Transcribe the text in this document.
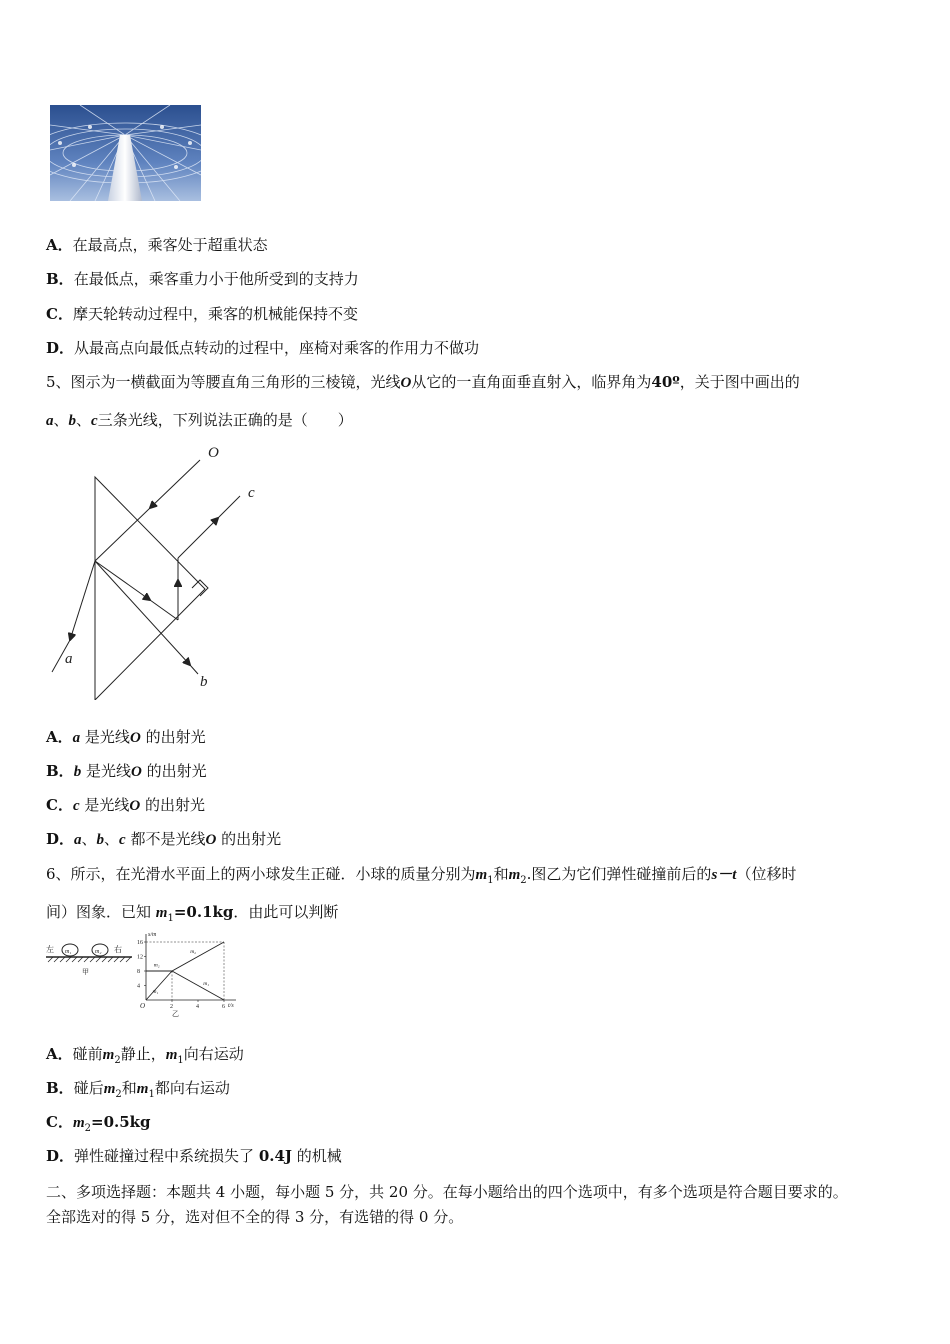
A．在最高点，乘客处于超重状态
B．在最低点，乘客重力小于他所受到的支持力
C．摩天轮转动过程中，乘客的机械能保持不变
D．从最高点向最低点转动的过程中，座椅对乘客的作用力不做功
5、图示为一横截面为等腰直角三角形的三棱镜，光线O从它的一直角面垂直射入，临界角为40º，关于图中画出的
a、b、c三条光线，下列说法正确的是（　　）
O
c
a
b
A．a 是光线O 的出射光
B．b 是光线O 的出射光
C．c 是光线O 的出射光
D．a、b、c 都不是光线O 的出射光
6、所示，在光滑水平面上的两小球发生正碰．小球的质量分别为$m_1$和$m_2$.图乙为它们弹性碰撞前后的s－t（位移时
间）图象．已知 $m_1=0.1kg$．由此可以判断
左	右
m₁	m₂
甲
s/m
t/s
O
乙
4
8
12
16
2	4	6
m₁
m₂
m₂
m₁
A．碰前$m_2$静止，$m_1$向右运动
B．碰后$m_2$和$m_1$都向右运动
C．$m_2=0.5kg$
D．弹性碰撞过程中系统损失了 0.4J 的机械
二、多项选择题：本题共 4 小题，每小题 5 分，共 20 分。在每小题给出的四个选项中，有多个选项是符合题目要求的。
全部选对的得 5 分，选对但不全的得 3 分，有选错的得 0 分。
